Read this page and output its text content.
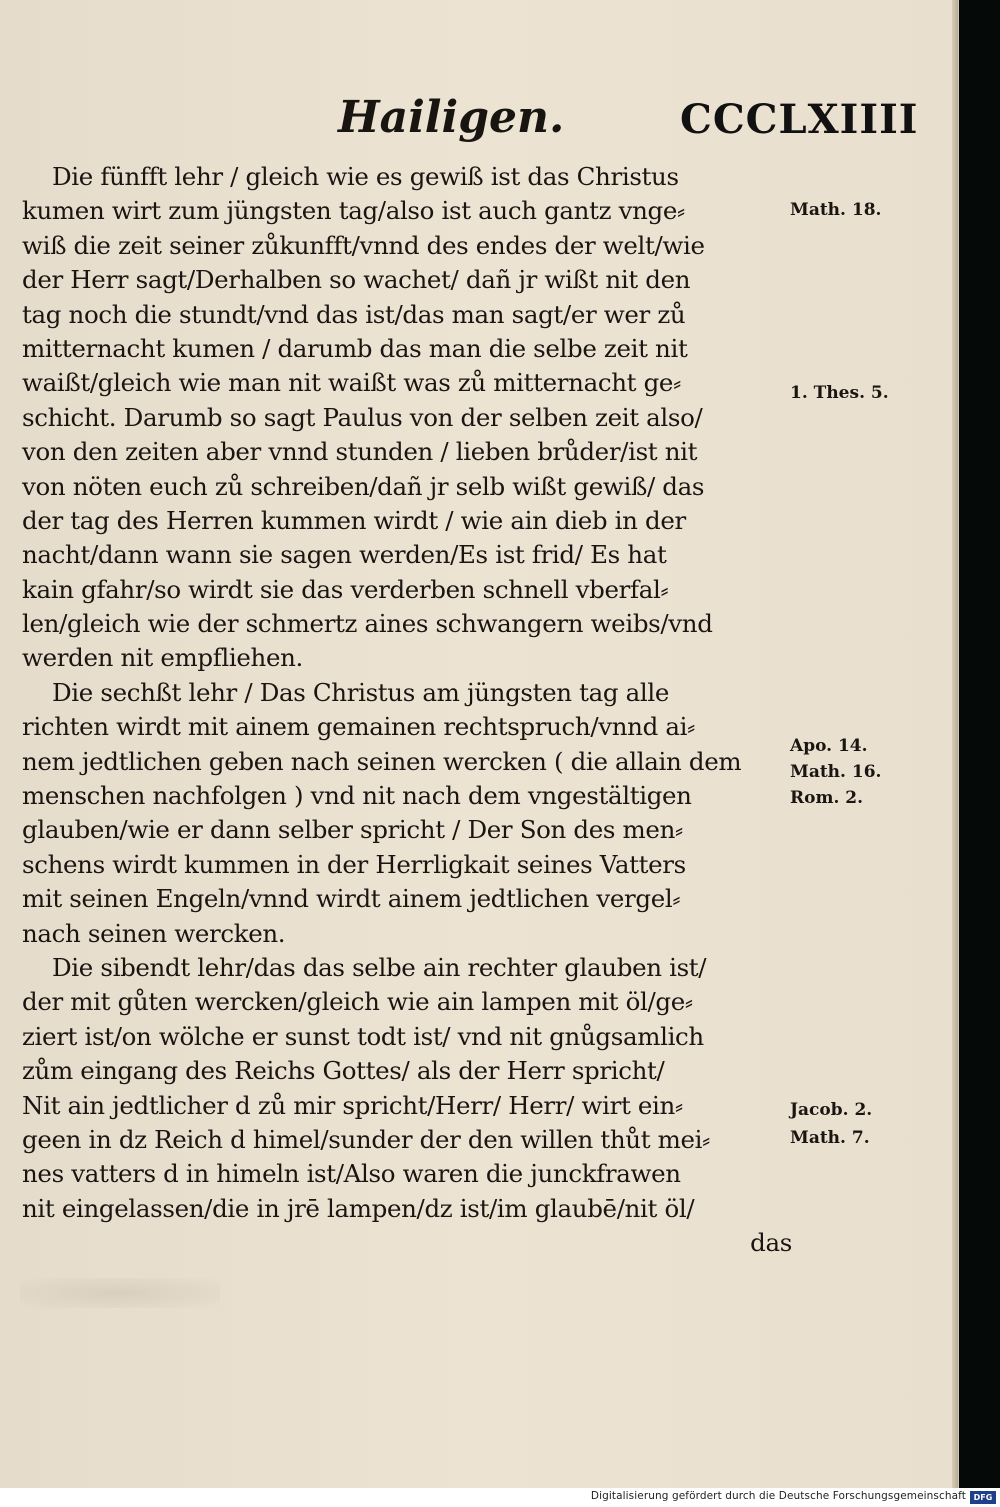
Hailigen.	CCCLXIIII
Die fünfft lehr / gleich wie es gewiß ist das Christus
kumen wirt zum jüngsten tag/also ist auch gantz vnge⸗
wiß die zeit seiner zůkunfft/vnnd des endes der welt/wie
der Herr sagt/Derhalben so wachet/ dañ jr wißt nit den
tag noch die stundt/vnd das ist/das man sagt/er wer zů
mitternacht kumen / darumb das man die selbe zeit nit
waißt/gleich wie man nit waißt was zů mitternacht ge⸗
schicht. Darumb so sagt Paulus von der selben zeit also/
von den zeiten aber vnnd stunden / lieben brůder/ist nit
von nöten euch zů schreiben/dañ jr selb wißt gewiß/ das
der tag des Herren kummen wirdt / wie ain dieb in der
nacht/dann wann sie sagen werden/Es ist frid/ Es hat
kain gfahr/so wirdt sie das verderben schnell vberfal⸗
len/gleich wie der schmertz aines schwangern weibs/vnd
werden nit empfliehen.
Die sechßt lehr / Das Christus am jüngsten tag alle
richten wirdt mit ainem gemainen rechtspruch/vnnd ai⸗
nem jedtlichen geben nach seinen wercken ( die allain dem
menschen nachfolgen ) vnd nit nach dem vngestältigen
glauben/wie er dann selber spricht / Der Son des men⸗
schens wirdt kummen in der Herrligkait seines Vatters
mit seinen Engeln/vnnd wirdt ainem jedtlichen vergel⸗
nach seinen wercken.
Die sibendt lehr/das das selbe ain rechter glauben ist/
der mit gůten wercken/gleich wie ain lampen mit öl/ge⸗
ziert ist/on wölche er sunst todt ist/ vnd nit gnůgsamlich
zům eingang des Reichs Gottes/ als der Herr spricht/
Nit ain jedtlicher d zů mir spricht/Herr/ Herr/ wirt ein⸗
geen in dz Reich d himel/sunder der den willen thůt mei⸗
nes vatters d in himeln ist/Also waren die junckfrawen
nit eingelassen/die in jrē lampen/dz ist/im glaubē/nit öl/
das
Math. 18.
1. Thes. 5.
Apo. 14.
Math. 16.
Rom. 2.
Jacob. 2.
Math. 7.
Digitalisierung gefördert durch die Deutsche Forschungsgemeinschaft DFG
